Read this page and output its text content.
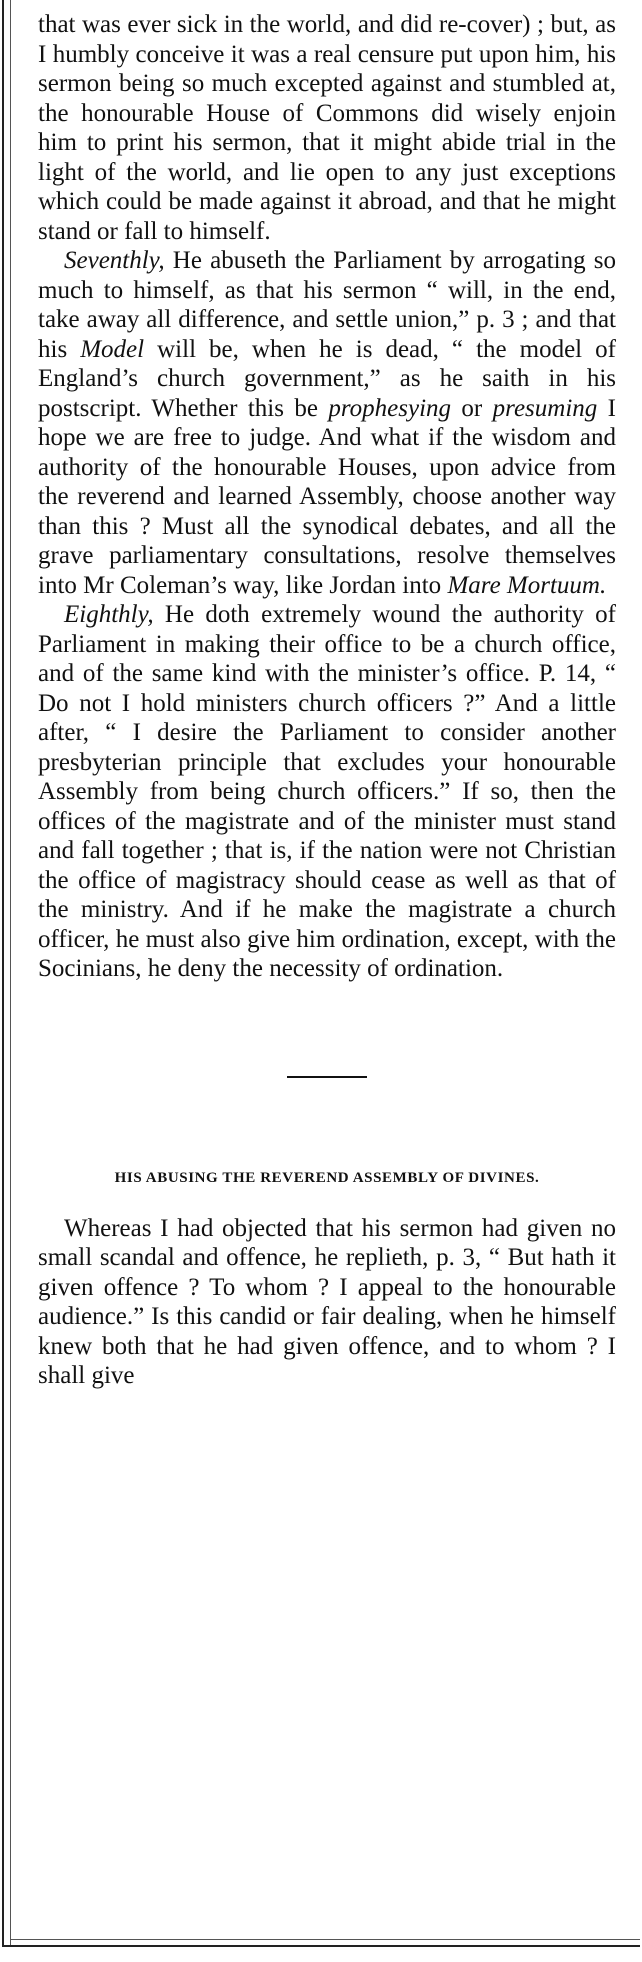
that was ever sick in the world, and did re-cover) ; but, as I humbly conceive it was a real censure put upon him, his sermon being so much excepted against and stumbled at, the honourable House of Commons did wisely enjoin him to print his sermon, that it might abide trial in the light of the world, and lie open to any just exceptions which could be made against it abroad, and that he might stand or fall to himself.

Seventhly, He abuseth the Parliament by arrogating so much to himself, as that his sermon “ will, in the end, take away all difference, and settle union,” p. 3 ; and that his Model will be, when he is dead, “ the model of England’s church government,” as he saith in his postscript. Whether this be prophesying or presuming I hope we are free to judge. And what if the wisdom and authority of the honourable Houses, upon advice from the reverend and learned Assembly, choose another way than this ? Must all the synodical debates, and all the grave parliamentary consultations, resolve themselves into Mr Coleman’s way, like Jordan into Mare Mortuum.

Eighthly, He doth extremely wound the authority of Parliament in making their office to be a church office, and of the same kind with the minister’s office. P. 14, “ Do not I hold ministers church officers ?” And a little after, “ I desire the Parliament to consider another presbyterian principle that excludes your honourable Assembly from being church officers.” If so, then the offices of the magistrate and of the minister must stand and fall together ; that is, if the nation were not Christian the office of magistracy should cease as well as that of the ministry. And if he make the magistrate a church officer, he must also give him ordination, except, with the Socinians, he deny the necessity of ordination.

HIS ABUSING THE REVEREND ASSEMBLY OF DIVINES.

Whereas I had objected that his sermon had given no small scandal and offence, he replieth, p. 3, “ But hath it given offence ? To whom ? I appeal to the honourable audience.” Is this candid or fair dealing, when he himself knew both that he had given offence, and to whom ? I shall give
